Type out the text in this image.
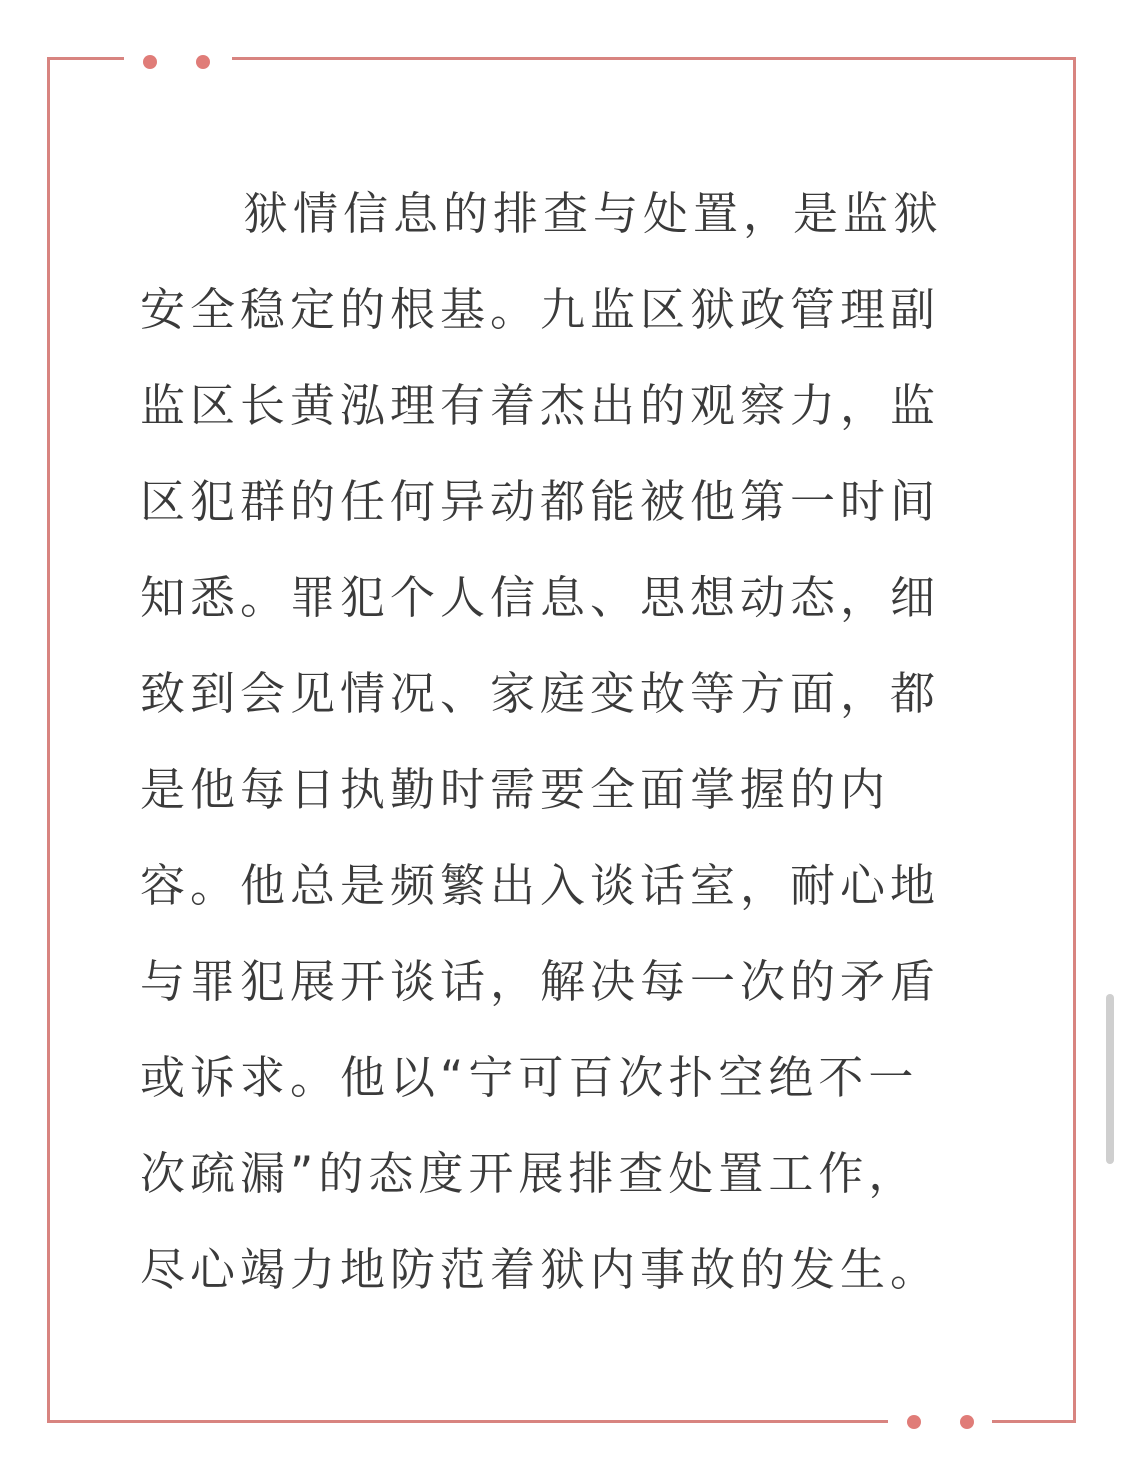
狱情信息的排查与处置，是监狱
安全稳定的根基。九监区狱政管理副
监区长黄泓理有着杰出的观察力，监
区犯群的任何异动都能被他第一时间
知悉。罪犯个人信息、思想动态，细
致到会见情况、家庭变故等方面，都
是他每日执勤时需要全面掌握的内
容。他总是频繁出入谈话室，耐心地
与罪犯展开谈话，解决每一次的矛盾
或诉求。他以“宁可百次扑空绝不一
次疏漏”的态度开展排查处置工作，
尽心竭力地防范着狱内事故的发生。
